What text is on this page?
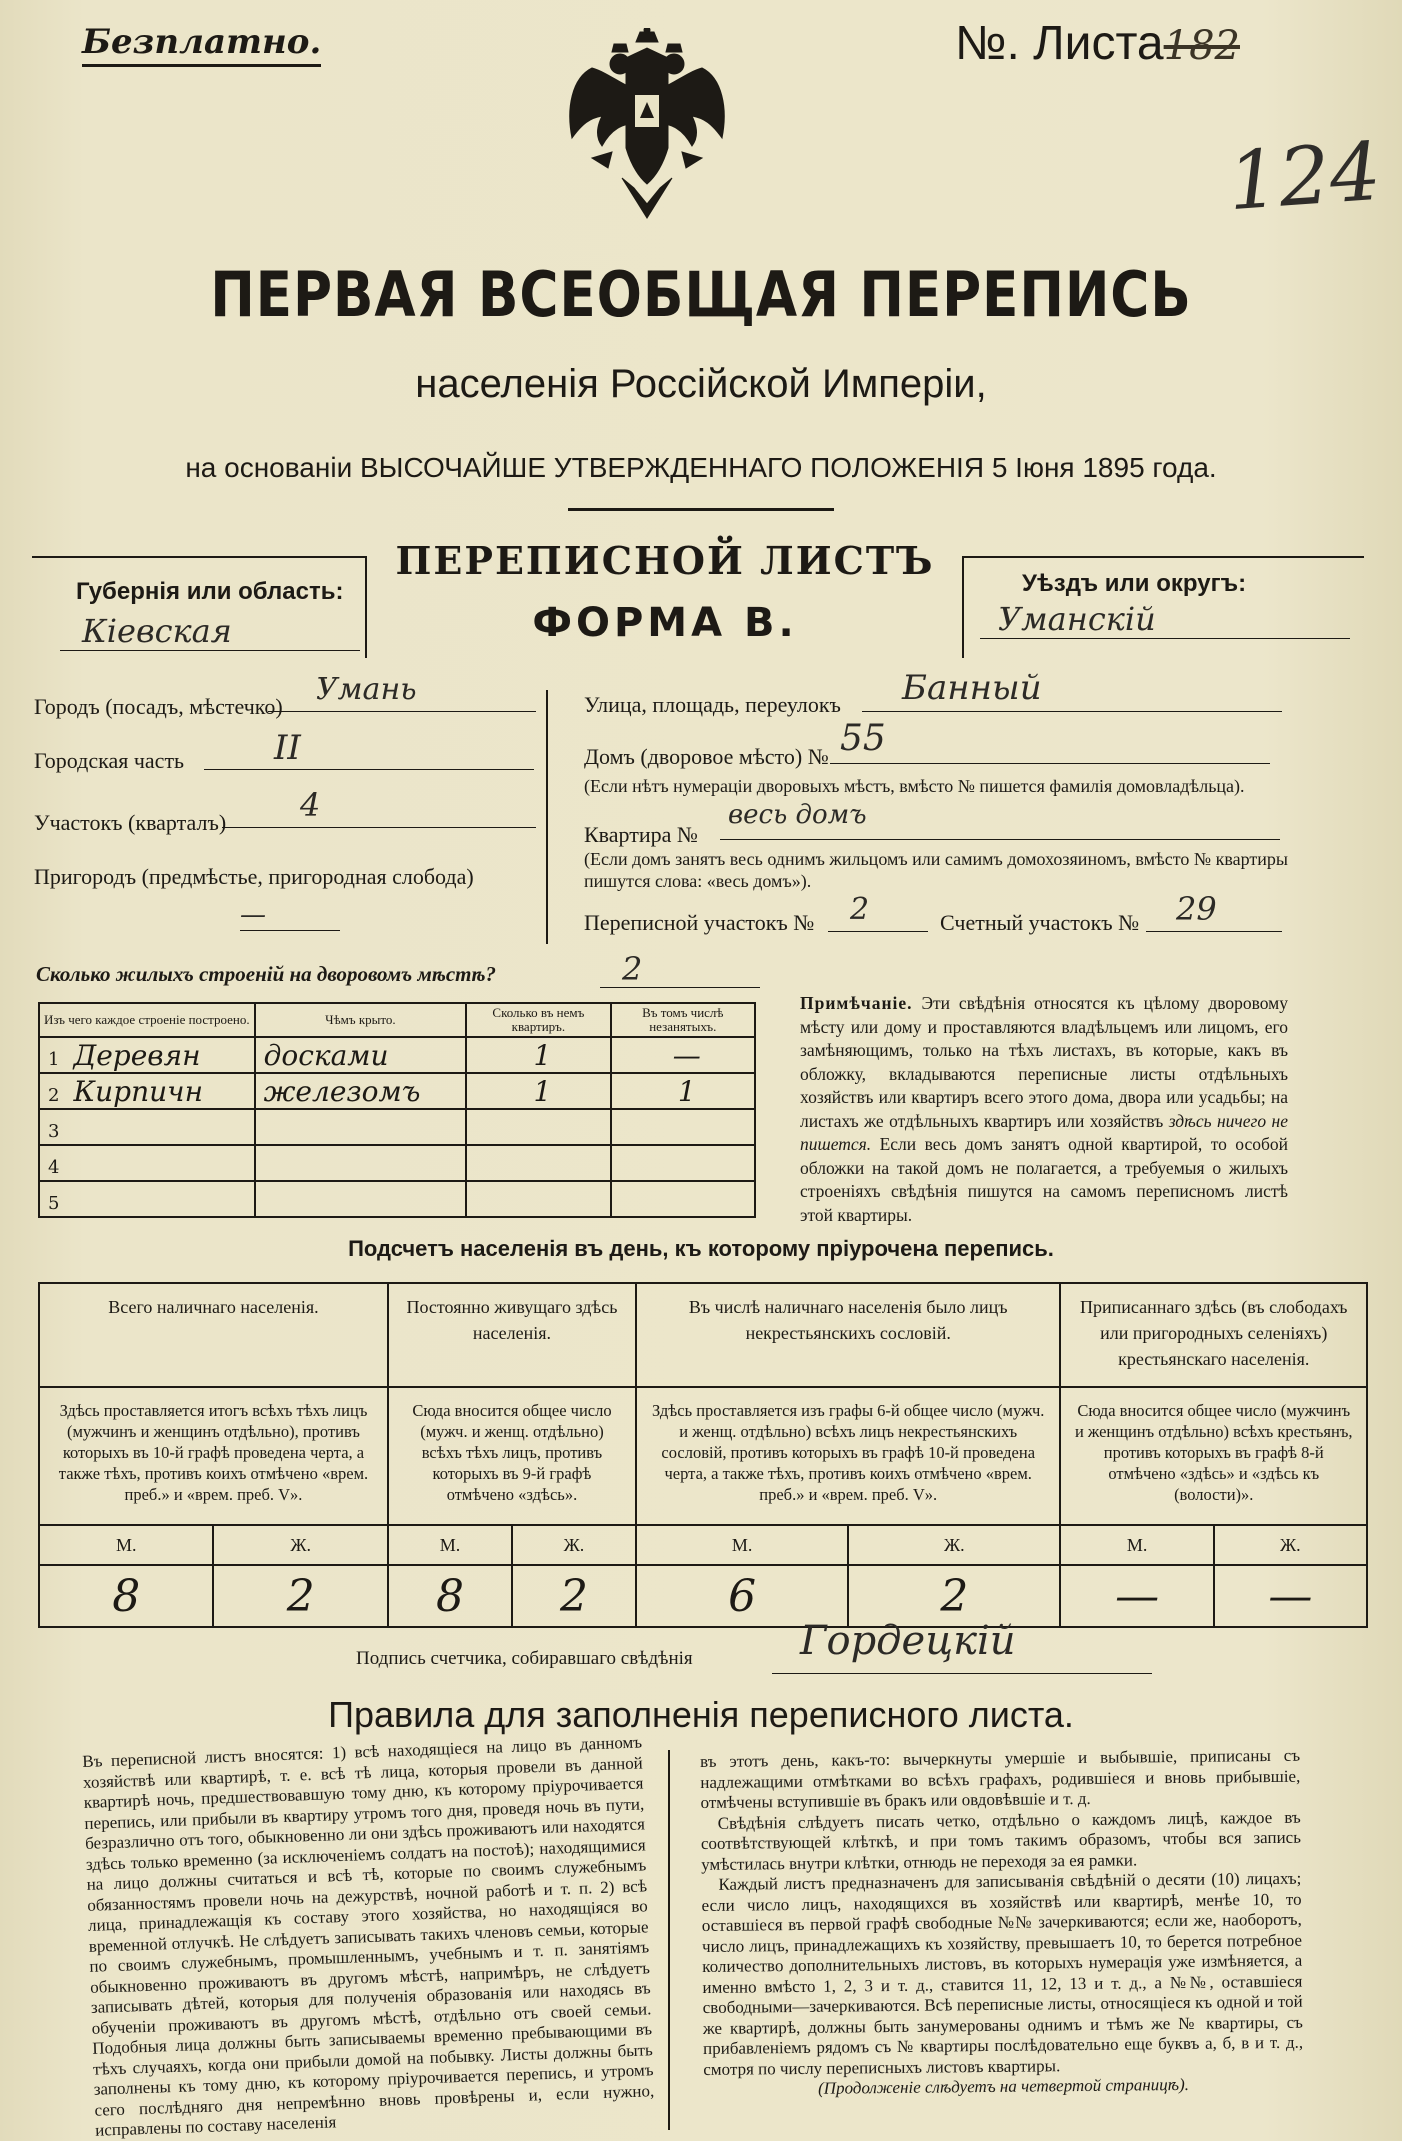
Безплатно.	№. Листа182
124
ПЕРВАЯ ВСЕОБЩАЯ ПЕРЕПИСЬ
населенія Россійской Имперіи,
на основаніи ВЫСОЧАЙШЕ УТВЕРЖДЕННАГО ПОЛОЖЕНІЯ 5 Іюня 1895 года.
Губернія или область:
Кіевская
ПЕРЕПИСНОЙ ЛИСТЪ
ФОРМА В.
Уѣздъ или округъ:
Уманскій
Городъ (посадъ, мѣстечко)	Умань
Городская часть	II
Участокъ (кварталъ)	4
Пригородъ (предмѣстье, пригородная слобода)
—
Улица, площадь, переулокъ	Банный
Домъ (дворовое мѣсто) № 55
(Если нѣтъ нумераціи дворовыхъ мѣстъ, вмѣсто № пишется фамилія домовладѣльца).
Квартира №
весь домъ
(Если домъ занятъ весь однимъ жильцомъ или самимъ домохозяиномъ, вмѣсто № квартиры пишутся слова: «весь домъ»).
Переписной участокъ №	2	Счетный участокъ №	29
Сколько жилыхъ строеній на дворовомъ мѣстѣ?	2
Изъ чего каждое строеніе построено.	Чѣмъ крыто.	Сколько въ немъ квартиръ.	Въ томъ числѣ незанятыхъ.
1 Деревян	досками	1	—
2 Кирпичн	железомъ	1	1
3			
4			
5			
Примѣчаніе. Эти свѣдѣнія относятся къ цѣлому дворовому мѣсту или дому и проставляются владѣльцемъ или лицомъ, его замѣняющимъ, только на тѣхъ листахъ, въ которые, какъ въ обложку, вкладываются переписные листы отдѣльныхъ хозяйствъ или квартиръ всего этого дома, двора или усадьбы; на листахъ же отдѣльныхъ квартиръ или хозяйствъ здѣсь ничего не пишется. Если весь домъ занятъ одной квартирой, то особой обложки на такой домъ не полагается, а требуемыя о жилыхъ строеніяхъ свѣдѣнія пишутся на самомъ переписномъ листѣ этой квартиры.
Подсчетъ населенія въ день, къ которому пріурочена перепись.
Всего наличнаго населенія.		Постоянно живущаго здѣсь населенія.		Въ числѣ наличнаго населенія было лицъ некрестьянскихъ сословій.		Приписаннаго здѣсь (въ слободахъ или пригородныхъ селеніяхъ) крестьянскаго населенія.	
Здѣсь проставляется итогъ всѣхъ тѣхъ лицъ (мужчинъ и женщинъ отдѣльно), противъ которыхъ въ 10-й графѣ проведена черта, а также тѣхъ, противъ коихъ отмѣчено «врем. преб.» и «врем. преб. V».		Сюда вносится общее число (мужч. и женщ. отдѣльно) всѣхъ тѣхъ лицъ, противъ которыхъ въ 9-й графѣ отмѣчено «здѣсь».		Здѣсь проставляется изъ графы 6-й общее число (мужч. и женщ. отдѣльно) всѣхъ лицъ некрестьянскихъ сословій, противъ которыхъ въ графѣ 10-й проведена черта, а также тѣхъ, противъ коихъ отмѣчено «врем. преб.» и «врем. преб. V».		Сюда вносится общее число (мужчинъ и женщинъ отдѣльно) всѣхъ крестьянъ, противъ которыхъ въ графѣ 8-й отмѣчено «здѣсь» и «здѣсь къ (волости)».	
М.	Ж.	М.	Ж.	М.	Ж.	М.	Ж.
8	2	8	2	6	2	—	—
Подпись счетчика, собиравшаго свѣдѣнія	Гордецкій
Правила для заполненія переписного листа.
Въ переписной листъ вносятся: 1) всѣ находящіеся на лицо въ данномъ хозяйствѣ или квартирѣ, т. е. всѣ тѣ лица, которыя провели въ данной квартирѣ ночь, предшествовавшую тому дню, къ которому пріурочивается перепись, или прибыли въ квартиру утромъ того дня, проведя ночь въ пути, безразлично отъ того, обыкновенно ли они здѣсь проживаютъ или находятся здѣсь только временно (за исключеніемъ солдатъ на постоѣ); находящимися на лицо должны считаться и всѣ тѣ, которые по своимъ служебнымъ обязанностямъ провели ночь на дежурствѣ, ночной работѣ и т. п. 2) всѣ лица, принадлежащія къ составу этого хозяйства, но находящіяся во временной отлучкѣ. Не слѣдуетъ записывать такихъ членовъ семьи, которые по своимъ служебнымъ, промышленнымъ, учебнымъ и т. п. занятіямъ обыкновенно проживаютъ въ другомъ мѣстѣ, напримѣръ, не слѣдуетъ записывать дѣтей, которыя для полученія образованія или находясь въ обученіи проживаютъ въ другомъ мѣстѣ, отдѣльно отъ своей семьи. Подобныя лица должны быть записываемы временно пребывающими въ тѣхъ случаяхъ, когда они прибыли домой на побывку. Листы должны быть заполнены къ тому дню, къ которому пріурочивается перепись, и утромъ сего послѣдняго дня непремѣнно вновь провѣрены и, если нужно, исправлены по составу населенія
въ этотъ день, какъ-то: вычеркнуты умершіе и выбывшіе, приписаны съ надлежащими отмѣтками во всѣхъ графахъ, родившіеся и вновь прибывшіе, отмѣчены вступившіе въ бракъ или овдовѣвшіе и т. д.
 Свѣдѣнія слѣдуетъ писать четко, отдѣльно о каждомъ лицѣ, каждое въ соотвѣтствующей клѣткѣ, и при томъ такимъ образомъ, чтобы вся запись умѣстилась внутри клѣтки, отнюдь не переходя за ея рамки.
 Каждый листъ предназначенъ для записыванія свѣдѣній о десяти (10) лицахъ; если число лицъ, находящихся въ хозяйствѣ или квартирѣ, менѣе 10, то оставшіеся въ первой графѣ свободные №№ зачеркиваются; если же, наоборотъ, число лицъ, принадлежащихъ къ хозяйству, превышаетъ 10, то берется потребное количество дополнительныхъ листовъ, въ которыхъ нумерація уже измѣняется, а именно вмѣсто 1, 2, 3 и т. д., ставится 11, 12, 13 и т. д., а №№, оставшіеся свободными—зачеркиваются. Всѣ переписные листы, относящіеся къ одной и той же квартирѣ, должны быть занумерованы однимъ и тѣмъ же № квартиры, съ прибавленіемъ рядомъ съ № квартиры послѣдовательно еще буквъ а, б, в и т. д., смотря по числу переписныхъ листовъ квартиры.

(Продолженіе слѣдуетъ на четвертой страницѣ).
